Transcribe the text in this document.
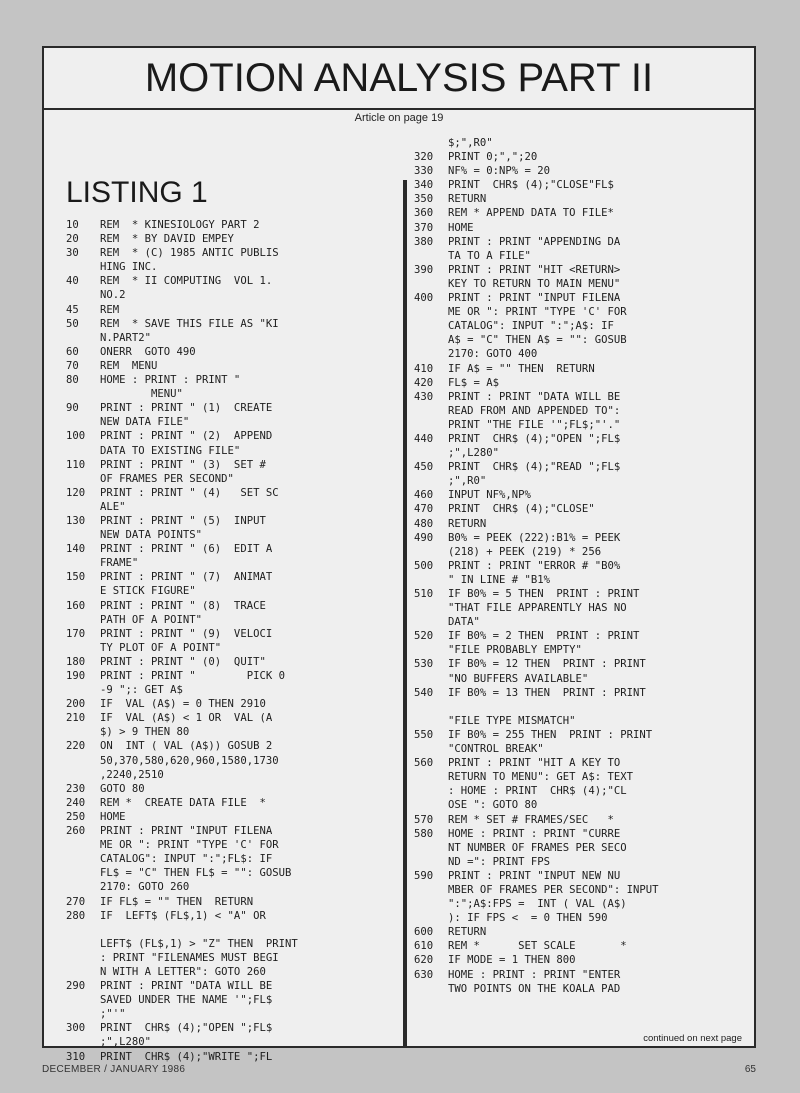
MOTION ANALYSIS PART II
Article on page 19
LISTING 1
10	REM  * KINESIOLOGY PART 2
20	REM  * BY DAVID EMPEY
30	REM  * (C) 1985 ANTIC PUBLIS
HING INC.
40	REM  * II COMPUTING  VOL 1.
NO.2
45	REM
50	REM  * SAVE THIS FILE AS "KI
N.PART2"
60	ONERR  GOTO 490
70	REM  MENU
80	HOME : PRINT : PRINT "
MENU"
90	PRINT : PRINT " (1)  CREATE
NEW DATA FILE"
100	PRINT : PRINT " (2)  APPEND
DATA TO EXISTING FILE"
110	PRINT : PRINT " (3)  SET #
OF FRAMES PER SECOND"
120	PRINT : PRINT " (4)   SET SC
ALE"
130	PRINT : PRINT " (5)  INPUT
NEW DATA POINTS"
140	PRINT : PRINT " (6)  EDIT A
FRAME"
150	PRINT : PRINT " (7)  ANIMAT
E STICK FIGURE"
160	PRINT : PRINT " (8)  TRACE
PATH OF A POINT"
170	PRINT : PRINT " (9)  VELOCI
TY PLOT OF A POINT"
180	PRINT : PRINT " (0)  QUIT"
190	PRINT : PRINT "        PICK 0
-9 ";: GET A$
200	IF  VAL (A$) = 0 THEN 2910
210	IF  VAL (A$) < 1 OR  VAL (A
$) > 9 THEN 80
220	ON  INT ( VAL (A$)) GOSUB 2
50,370,580,620,960,1580,1730
,2240,2510
230	GOTO 80
240	REM *  CREATE DATA FILE  *
250	HOME
260	PRINT : PRINT "INPUT FILENA
ME OR ": PRINT "TYPE 'C' FOR
CATALOG": INPUT ":";FL$: IF
FL$ = "C" THEN FL$ = "": GOSUB
2170: GOTO 260
270	IF FL$ = "" THEN  RETURN
280	IF  LEFT$ (FL$,1) < "A" OR

LEFT$ (FL$,1) > "Z" THEN  PRINT
: PRINT "FILENAMES MUST BEGI
N WITH A LETTER": GOTO 260
290	PRINT : PRINT "DATA WILL BE
SAVED UNDER THE NAME '";FL$
;"'"
300	PRINT  CHR$ (4);"OPEN ";FL$
;",L280"
310	PRINT  CHR$ (4);"WRITE ";FL
$;",R0"
320	PRINT 0;",";20
330	NF% = 0:NP% = 20
340	PRINT  CHR$ (4);"CLOSE"FL$
350	RETURN
360	REM * APPEND DATA TO FILE*
370	HOME
380	PRINT : PRINT "APPENDING DA
TA TO A FILE"
390	PRINT : PRINT "HIT <RETURN>
KEY TO RETURN TO MAIN MENU"
400	PRINT : PRINT "INPUT FILENA
ME OR ": PRINT "TYPE 'C' FOR
CATALOG": INPUT ":";A$: IF
A$ = "C" THEN A$ = "": GOSUB
2170: GOTO 400
410	IF A$ = "" THEN  RETURN
420	FL$ = A$
430	PRINT : PRINT "DATA WILL BE
READ FROM AND APPENDED TO":
PRINT "THE FILE '";FL$;"'."
440	PRINT  CHR$ (4);"OPEN ";FL$
;",L280"
450	PRINT  CHR$ (4);"READ ";FL$
;",R0"
460	INPUT NF%,NP%
470	PRINT  CHR$ (4);"CLOSE"
480	RETURN
490	B0% = PEEK (222):B1% = PEEK
(218) + PEEK (219) * 256
500	PRINT : PRINT "ERROR # "B0%
" IN LINE # "B1%
510	IF B0% = 5 THEN  PRINT : PRINT
"THAT FILE APPARENTLY HAS NO
DATA"
520	IF B0% = 2 THEN  PRINT : PRINT
"FILE PROBABLY EMPTY"
530	IF B0% = 12 THEN  PRINT : PRINT
"NO BUFFERS AVAILABLE"
540	IF B0% = 13 THEN  PRINT : PRINT

"FILE TYPE MISMATCH"
550	IF B0% = 255 THEN  PRINT : PRINT
"CONTROL BREAK"
560	PRINT : PRINT "HIT A KEY TO
RETURN TO MENU": GET A$: TEXT
: HOME : PRINT  CHR$ (4);"CL
OSE ": GOTO 80
570	REM * SET # FRAMES/SEC   *
580	HOME : PRINT : PRINT "CURRE
NT NUMBER OF FRAMES PER SECO
ND =": PRINT FPS
590	PRINT : PRINT "INPUT NEW NU
MBER OF FRAMES PER SECOND": INPUT
":";A$:FPS =  INT ( VAL (A$)
): IF FPS <  = 0 THEN 590
600	RETURN
610	REM *      SET SCALE       *
620	IF MODE = 1 THEN 800
630	HOME : PRINT : PRINT "ENTER
TWO POINTS ON THE KOALA PAD
continued on next page
DECEMBER / JANUARY 1986	65
